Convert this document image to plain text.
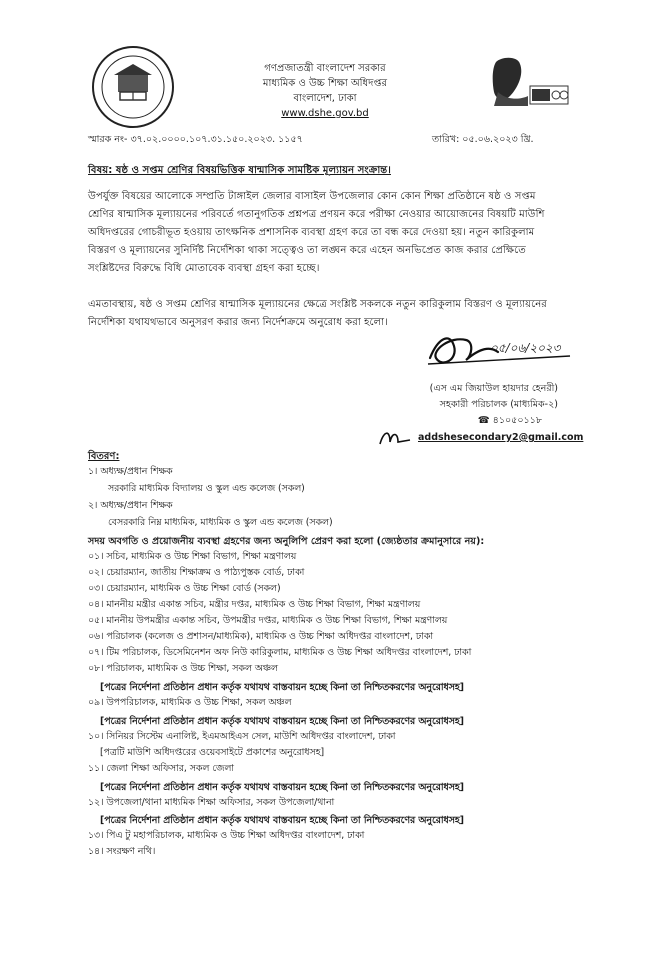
গণপ্রজাতন্ত্রী বাংলাদেশ সরকার
মাধ্যমিক ও উচ্চ শিক্ষা অধিদপ্তর
বাংলাদেশ, ঢাকা
www.dshe.gov.bd
স্মারক নং- ৩৭.০২.০০০০.১০৭.৩১.১৫০.২০২৩. ১১৫৭	তারিখ: ০৫.০৬.২০২৩ খ্রি.
বিষয়: ষষ্ঠ ও সপ্তম শ্রেণির বিষয়ভিত্তিক ষান্মাসিক সামষ্টিক মূল্যায়ন সংক্রান্ত।
উপর্যুক্ত বিষয়ের আলোকে সম্প্রতি টাঙ্গাইল জেলার বাসাইল উপজেলার কোন কোন শিক্ষা প্রতিষ্ঠানে ষষ্ঠ ও সপ্তম
শ্রেণির ষান্মাসিক মূল্যায়নের পরিবর্তে গতানুগতিক প্রশ্নপত্র প্রণয়ন করে পরীক্ষা নেওয়ার আয়োজনের বিষয়টি মাউশি
অধিদপ্তরের গোচরীভূত হওয়ায় তাৎক্ষনিক প্রশাসনিক ব্যবস্থা গ্রহণ করে তা বন্ধ করে দেওয়া হয়। নতুন কারিকুলাম
বিস্তরণ ও মূল্যায়নের সুনির্দিষ্ট নির্দেশিকা থাকা সত্ত্বেও তা লঙ্ঘন করে এহেন অনভিপ্রেত কাজ করার প্রেক্ষিতে
সংশ্লিষ্টদের বিরুদ্ধে বিধি মোতাবেক ব্যবস্থা গ্রহণ করা হচ্ছে।
এমতাবস্থায়, ষষ্ঠ ও সপ্তম শ্রেণির ষান্মাসিক মূল্যায়নের ক্ষেত্রে সংশ্লিষ্ট সকলকে নতুন কারিকুলাম বিস্তরণ ও মূল্যায়নের
নির্দেশিকা যথাযথভাবে অনুসরণ করার জন্য নির্দেশক্রমে অনুরোধ করা হলো।
০৫/০৬/২০২৩
(এস এম জিয়াউল হায়দার হেনরী)
সহকারী পরিচালক (মাধ্যমিক-২)
☎ ৪১০৫০১১৮
addshesecondary2@gmail.com
বিতরণ:
১। অধ্যক্ষ/প্রধান শিক্ষক
সরকারি মাধ্যমিক বিদ্যালয় ও স্কুল এন্ড কলেজ (সকল)
২। অধ্যক্ষ/প্রধান শিক্ষক
বেসরকারি নিম্ন মাধ্যমিক, মাধ্যমিক ও স্কুল এন্ড কলেজ (সকল)
সদয় অবগতি ও প্রয়োজনীয় ব্যবস্থা গ্রহণের জন্য অনুলিপি প্রেরণ করা হলো (জ্যেষ্ঠতার ক্রমানুসারে নয়):
০১। সচিব, মাধ্যমিক ও উচ্চ শিক্ষা বিভাগ, শিক্ষা মন্ত্রণালয়
০২। চেয়ারম্যান, জাতীয় শিক্ষাক্রম ও পাঠ্যপুস্তক বোর্ড, ঢাকা
০৩। চেয়ারম্যান, মাধ্যমিক ও উচ্চ শিক্ষা বোর্ড (সকল)
০৪। মাননীয় মন্ত্রীর একান্ত সচিব, মন্ত্রীর দপ্তর, মাধ্যমিক ও উচ্চ শিক্ষা বিভাগ, শিক্ষা মন্ত্রণালয়
০৫। মাননীয় উপমন্ত্রীর একান্ত সচিব, উপমন্ত্রীর দপ্তর, মাধ্যমিক ও উচ্চ শিক্ষা বিভাগ, শিক্ষা মন্ত্রণালয়
০৬। পরিচালক (কলেজ ও প্রশাসন/মাধ্যমিক), মাধ্যমিক ও উচ্চ শিক্ষা অধিদপ্তর বাংলাদেশ, ঢাকা
০৭। টিম পরিচালক, ডিসেমিনেশন অফ নিউ কারিকুলাম, মাধ্যমিক ও উচ্চ শিক্ষা অধিদপ্তর বাংলাদেশ, ঢাকা
০৮। পরিচালক, মাধ্যমিক ও উচ্চ শিক্ষা, সকল অঞ্চল
[পত্রের নির্দেশনা প্রতিষ্ঠান প্রধান কর্তৃক যথাযথ বাস্তবায়ন হচ্ছে কিনা তা নিশ্চিতকরণের অনুরোধসহ]
০৯। উপপরিচালক, মাধ্যমিক ও উচ্চ শিক্ষা, সকল অঞ্চল
[পত্রের নির্দেশনা প্রতিষ্ঠান প্রধান কর্তৃক যথাযথ বাস্তবায়ন হচ্ছে কিনা তা নিশ্চিতকরণের অনুরোধসহ]
১০। সিনিয়র সিস্টেম এনালিষ্ট, ইএমআইএস সেল, মাউশি অধিদপ্তর বাংলাদেশ, ঢাকা
[পত্রটি মাউশি অধিদপ্তরের ওয়েবসাইটে প্রকাশের অনুরোধসহ]
১১। জেলা শিক্ষা অফিসার, সকল জেলা
[পত্রের নির্দেশনা প্রতিষ্ঠান প্রধান কর্তৃক যথাযথ বাস্তবায়ন হচ্ছে কিনা তা নিশ্চিতকরণের অনুরোধসহ]
১২। উপজেলা/থানা মাধ্যমিক শিক্ষা অফিসার, সকল উপজেলা/থানা
[পত্রের নির্দেশনা প্রতিষ্ঠান প্রধান কর্তৃক যথাযথ বাস্তবায়ন হচ্ছে কিনা তা নিশ্চিতকরণের অনুরোধসহ]
১৩। পিএ টু মহাপরিচালক, মাধ্যমিক ও উচ্চ শিক্ষা অধিদপ্তর বাংলাদেশ, ঢাকা
১৪। সংরক্ষণ নথি।
